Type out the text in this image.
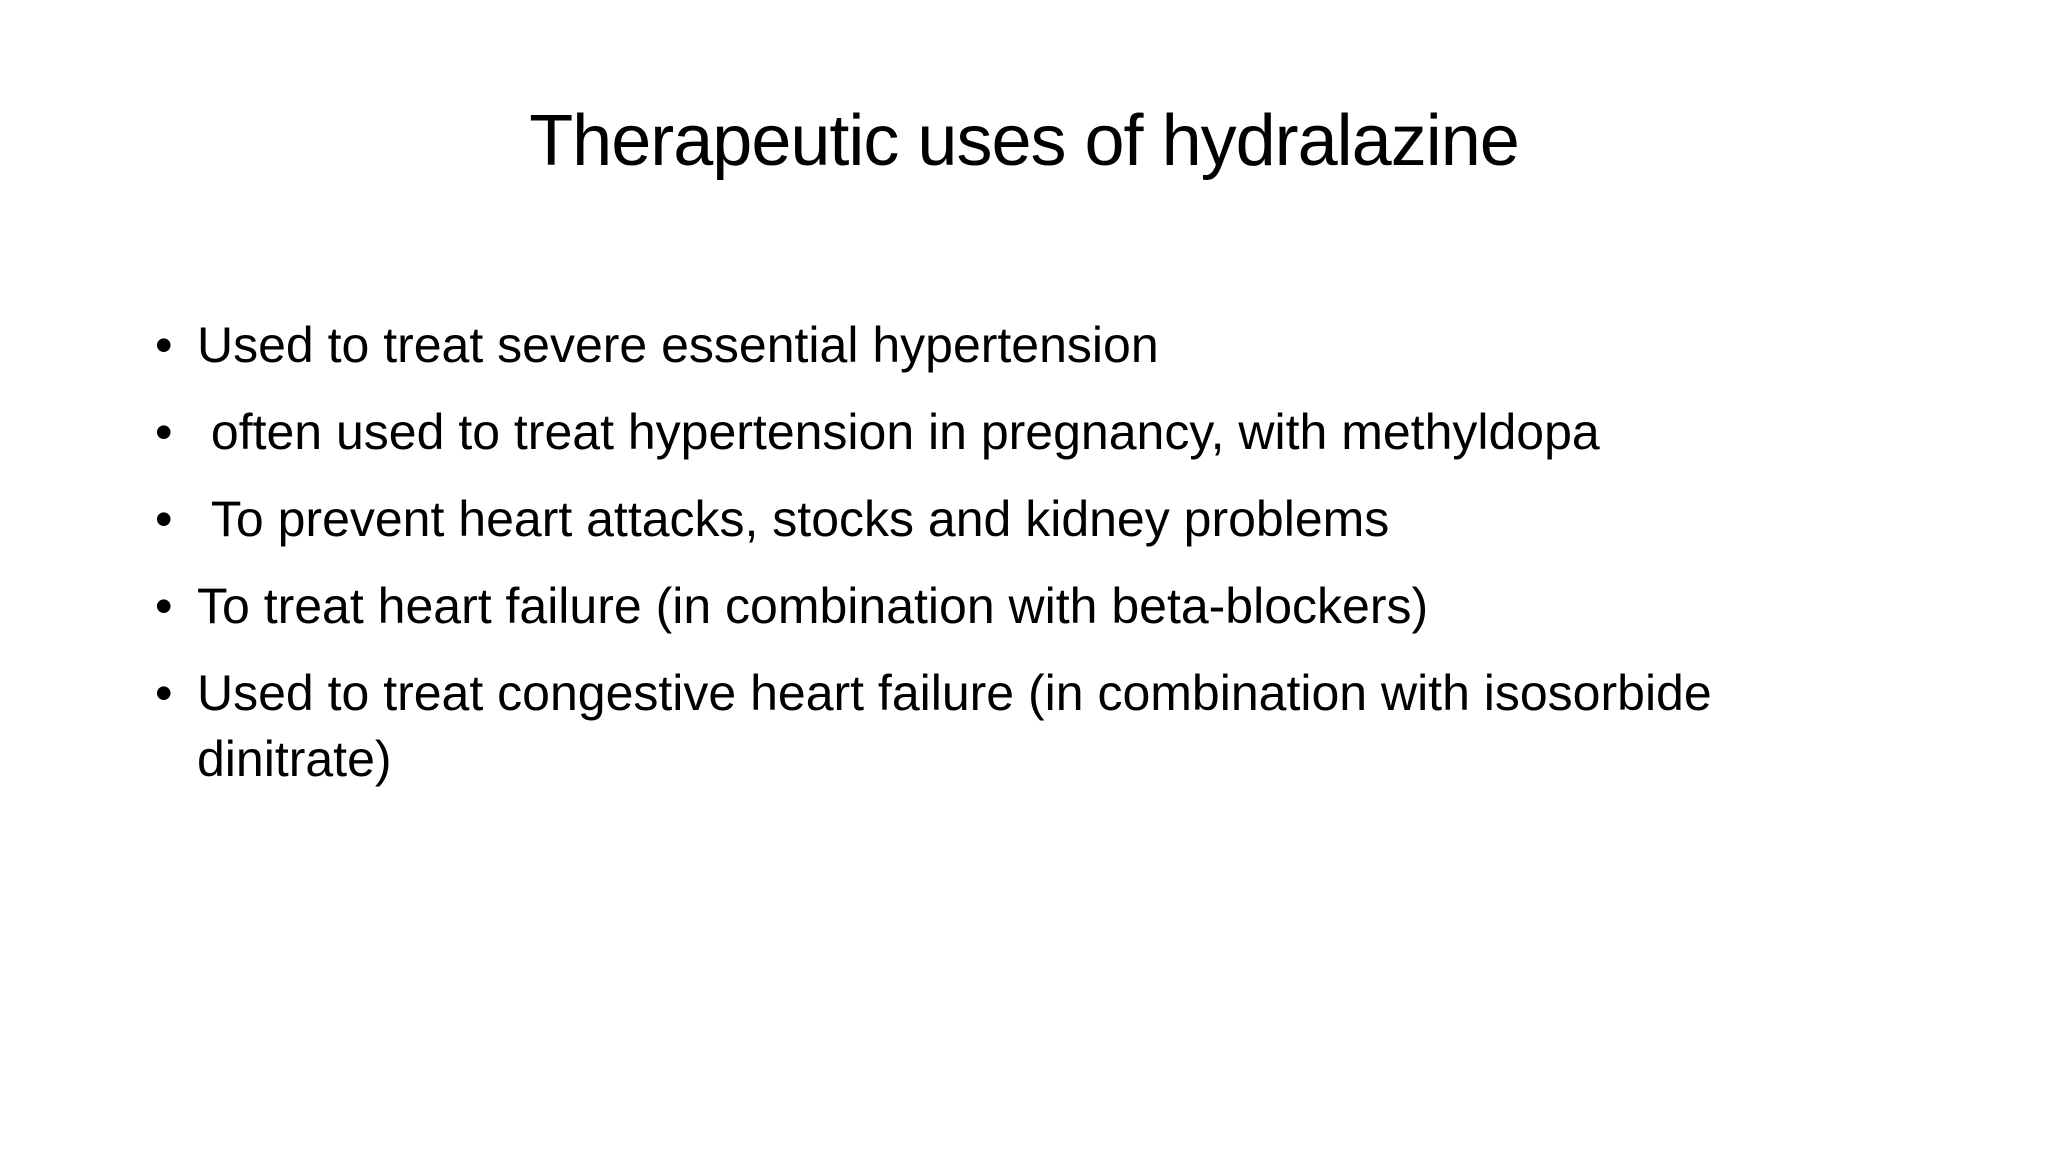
Therapeutic uses of hydralazine
• Used to treat severe essential hypertension
• often used to treat hypertension in pregnancy, with methyldopa
• To prevent heart attacks, stocks and kidney problems
• To treat heart failure (in combination with beta-blockers)
• Used to treat congestive heart failure (in combination with isosorbide dinitrate)
